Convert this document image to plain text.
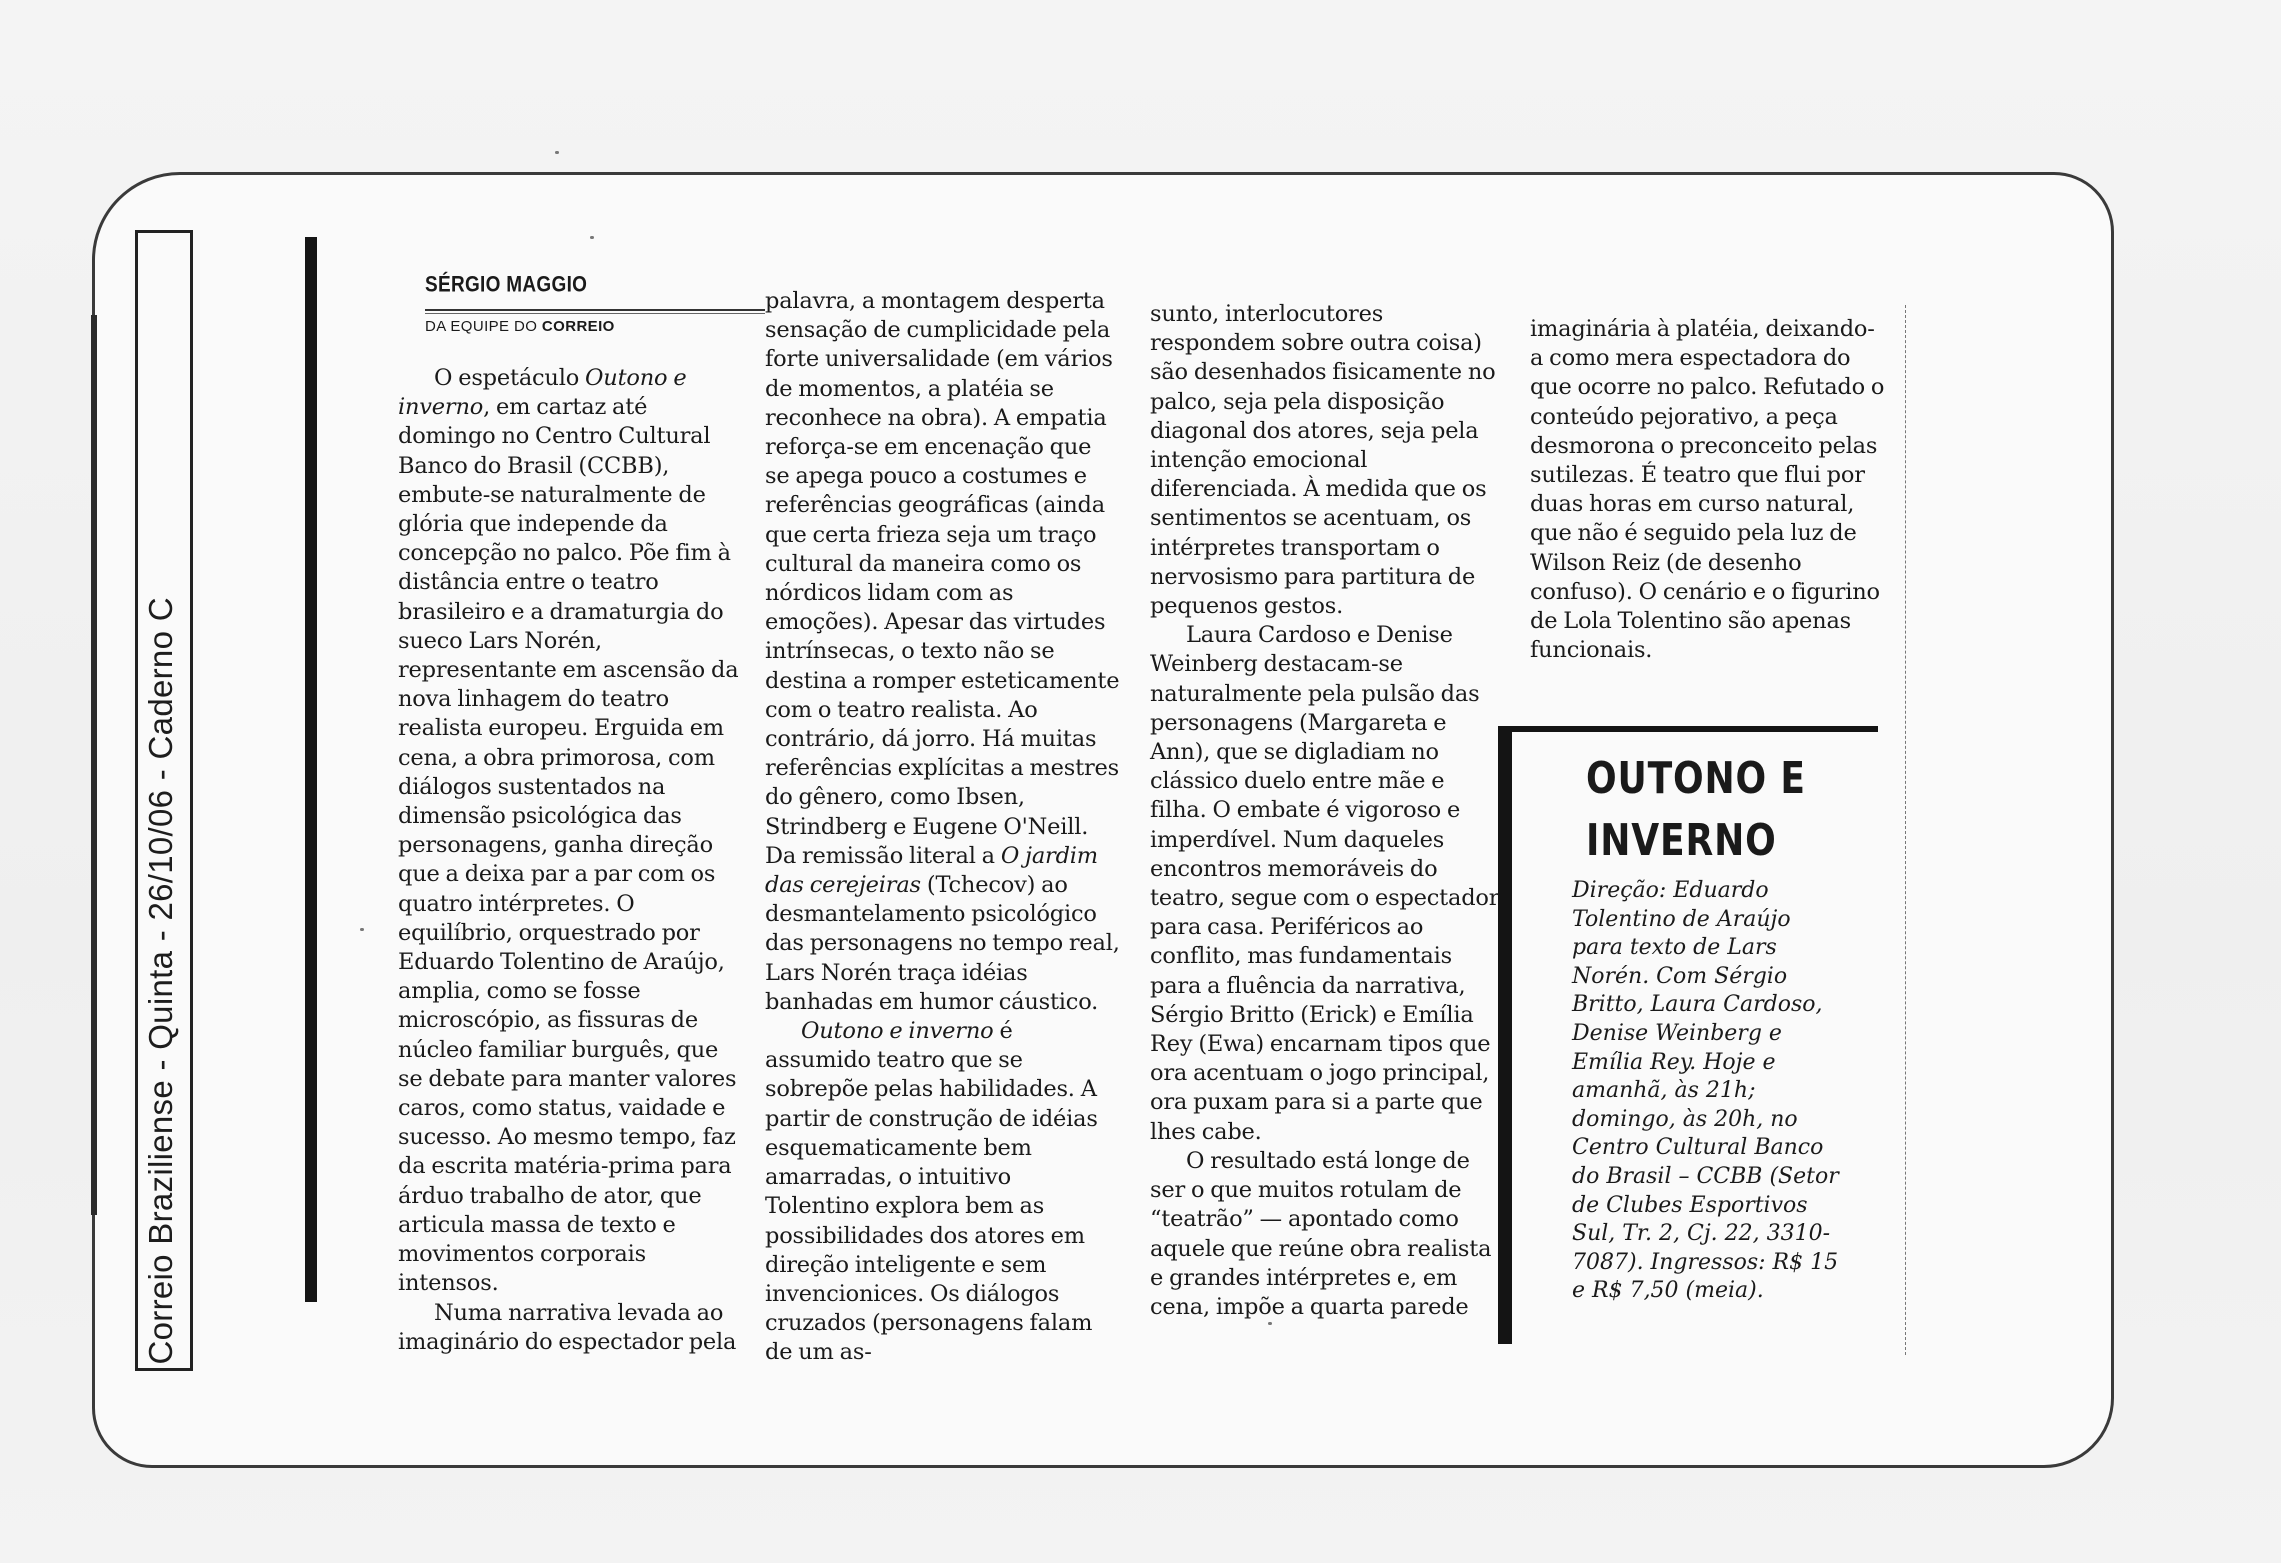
Correio Braziliense - Quinta - 26/10/06 - Caderno C
SÉRGIO MAGGIO
DA EQUIPE DO CORREIO

O espetáculo Outono e inverno, em cartaz até domingo no Centro Cultural Banco do Brasil (CCBB), embute-se naturalmente de glória que independe da concepção no palco. Põe fim à distância entre o teatro brasileiro e a dramaturgia do sueco Lars Norén, representante em ascensão da nova linhagem do teatro realista europeu. Erguida em cena, a obra primorosa, com diálogos sustentados na dimensão psicológica das personagens, ganha direção que a deixa par a par com os quatro intérpretes. O equilíbrio, orquestrado por Eduardo Tolentino de Araújo, amplia, como se fosse microscópio, as fissuras de núcleo familiar burguês, que se debate para manter valores caros, como status, vaidade e sucesso. Ao mesmo tempo, faz da escrita matéria-prima para árduo trabalho de ator, que articula massa de texto e movimentos corporais intensos.

Numa narrativa levada ao imaginário do espectador pela

palavra, a montagem desperta sensação de cumplicidade pela forte universalidade (em vários de momentos, a platéia se reconhece na obra). A empatia reforça-se em encenação que se apega pouco a costumes e referências geográficas (ainda que certa frieza seja um traço cultural da maneira como os nórdicos lidam com as emoções). Apesar das virtudes intrínsecas, o texto não se destina a romper esteticamente com o teatro realista. Ao contrário, dá jorro. Há muitas referências explícitas a mestres do gênero, como Ibsen, Strindberg e Eugene O'Neill. Da remissão literal a O jardim das cerejeiras (Tchecov) ao desmantelamento psicológico das personagens no tempo real, Lars Norén traça idéias banhadas em humor cáustico.

Outono e inverno é assumido teatro que se sobrepõe pelas habilidades. A partir de construção de idéias esquematicamente bem amarradas, o intuitivo Tolentino explora bem as possibilidades dos atores em direção inteligente e sem invencionices. Os diálogos cruzados (personagens falam de um as-

sunto, interlocutores respondem sobre outra coisa) são desenhados fisicamente no palco, seja pela disposição diagonal dos atores, seja pela intenção emocional diferenciada. À medida que os sentimentos se acentuam, os intérpretes transportam o nervosismo para partitura de pequenos gestos.

Laura Cardoso e Denise Weinberg destacam-se naturalmente pela pulsão das personagens (Margareta e Ann), que se digladiam no clássico duelo entre mãe e filha. O embate é vigoroso e imperdível. Num daqueles encontros memoráveis do teatro, segue com o espectador para casa. Periféricos ao conflito, mas fundamentais para a fluência da narrativa, Sérgio Britto (Erick) e Emília Rey (Ewa) encarnam tipos que ora acentuam o jogo principal, ora puxam para si a parte que lhes cabe.

O resultado está longe de ser o que muitos rotulam de “teatrão” — apontado como aquele que reúne obra realista e grandes intérpretes e, em cena, impõe a quarta parede

imaginária à platéia, deixando-a como mera espectadora do que ocorre no palco. Refutado o conteúdo pejorativo, a peça desmorona o preconceito pelas sutilezas. É teatro que flui por duas horas em curso natural, que não é seguido pela luz de Wilson Reiz (de desenho confuso). O cenário e o figurino de Lola Tolentino são apenas funcionais.

OUTONO E INVERNO
Direção: Eduardo Tolentino de Araújo para texto de Lars Norén. Com Sérgio Britto, Laura Cardoso, Denise Weinberg e Emília Rey. Hoje e amanhã, às 21h; domingo, às 20h, no Centro Cultural Banco do Brasil – CCBB (Setor de Clubes Esportivos Sul, Tr. 2, Cj. 22, 3310-7087). Ingressos: R$ 15 e R$ 7,50 (meia).
